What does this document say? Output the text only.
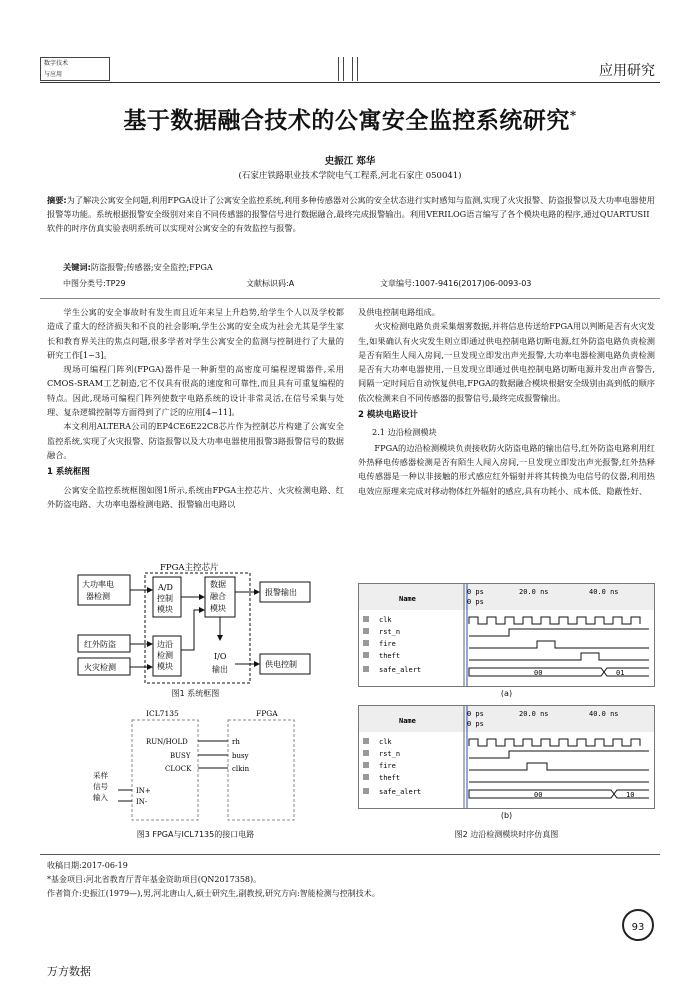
数字技术
与应用	应用研究
基于数据融合技术的公寓安全监控系统研究*
史振江 郑华
(石家庄铁路职业技术学院电气工程系,河北石家庄 050041)
摘要:为了解决公寓安全问题,利用FPGA设计了公寓安全监控系统,利用多种传感器对公寓的安全状态进行实时感知与监测,实现了火灾报警、防盗报警以及大功率电器使用报警等功能。系统根据报警安全级别对来自不同传感器的报警信号进行数据融合,最终完成报警输出。利用VERILOG语言编写了各个模块电路的程序,通过QUARTUSII软件的时序仿真实验表明系统可以实现对公寓安全的有效监控与报警。
关键词:防盗报警;传感器;安全监控;FPGA
中图分类号:TP29	文献标识码:A	文章编号:1007-9416(2017)06-0093-03

学生公寓的安全事故时有发生而且近年来呈上升趋势,给学生个人以及学校都造成了重大的经济损失和不良的社会影响,学生公寓的安全成为社会尤其是学生家长和教育界关注的焦点问题,很多学者对学生公寓安全的监测与控制进行了大量的研究工作[1~3]。

现场可编程门阵列(FPGA)器件是一种新型的高密度可编程逻辑器件,采用CMOS-SRAM工艺制造,它不仅具有很高的速度和可靠性,而且具有可重复编程的特点。因此,现场可编程门阵列使数字电路系统的设计非常灵活,在信号采集与处理、复杂逻辑控制等方面得到了广泛的应用[4~11]。

本文利用ALTERA公司的EP4CE6E22C8芯片作为控制芯片构建了公寓安全监控系统,实现了火灾报警、防盗报警以及大功率电器使用报警3路报警信号的数据融合。

1 系统框图

公寓安全监控系统框图如图1所示,系统由FPGA主控芯片、火灾检测电路、红外防盗电路、大功率电器检测电路、报警输出电路以

及供电控制电路组成。

火灾检测电路负责采集烟雾数据,并将信息传送给FPGA用以判断是否有火灾发生,如果确认有火灾发生则立即通过供电控制电路切断电源,红外防盗电路负责检测是否有陌生人闯入房间,一旦发现立即发出声光报警,大功率电器检测电路负责检测是否有大功率电器使用,一旦发现立即通过供电控制电路切断电源并发出声音警告,间隔一定时间后自动恢复供电,FPGA的数据融合模块根据安全级别由高到低的顺序依次检测来自不同传感器的报警信号,最终完成报警输出。

2 模块电路设计
2.1 边沿检测模块

FPGA的边沿检测模块负责接收防火防盗电路的输出信号,红外防盗电路利用红外热释电传感器检测是否有陌生人闯入房间,一旦发现立即发出声光报警,红外热释电传感器是一种以非接触的形式感应红外辐射并将其转换为电信号的仪器,利用热电效应原理来完成对移动物体红外辐射的感应,具有功耗小、成本低、隐蔽性好、

FPGA主控芯片
大功率电
器检测
A/D
控制
模块
数据
融合
模块
报警输出
红外防盗
火灾检测
边沿
检测
模块
I/O
输出
供电控制
图1 系统框图
ICL7135	FPGA
RUN/HOLD
BUSY
CLOCK
IN+
IN-
rh
busy
clkin
采样
信号
输入
图3 FPGA与ICL7135的接口电路
Name
0 ps	20.0 ns	40.0 ns
0 ps
clk
rst_n
fire
theft
safe_alert	00	01
(a)
Name
0 ps	20.0 ns	40.0 ns
0 ps
clk
rst_n
fire
theft
safe_alert	00	10
(b)
图2 边沿检测模块时序仿真图
收稿日期:2017-06-19
*基金项目:河北省教育厅青年基金资助项目(QN2017358)。
作者简介:史振江(1979—),男,河北唐山人,硕士研究生,副教授,研究方向:智能检测与控制技术。
93
万方数据
